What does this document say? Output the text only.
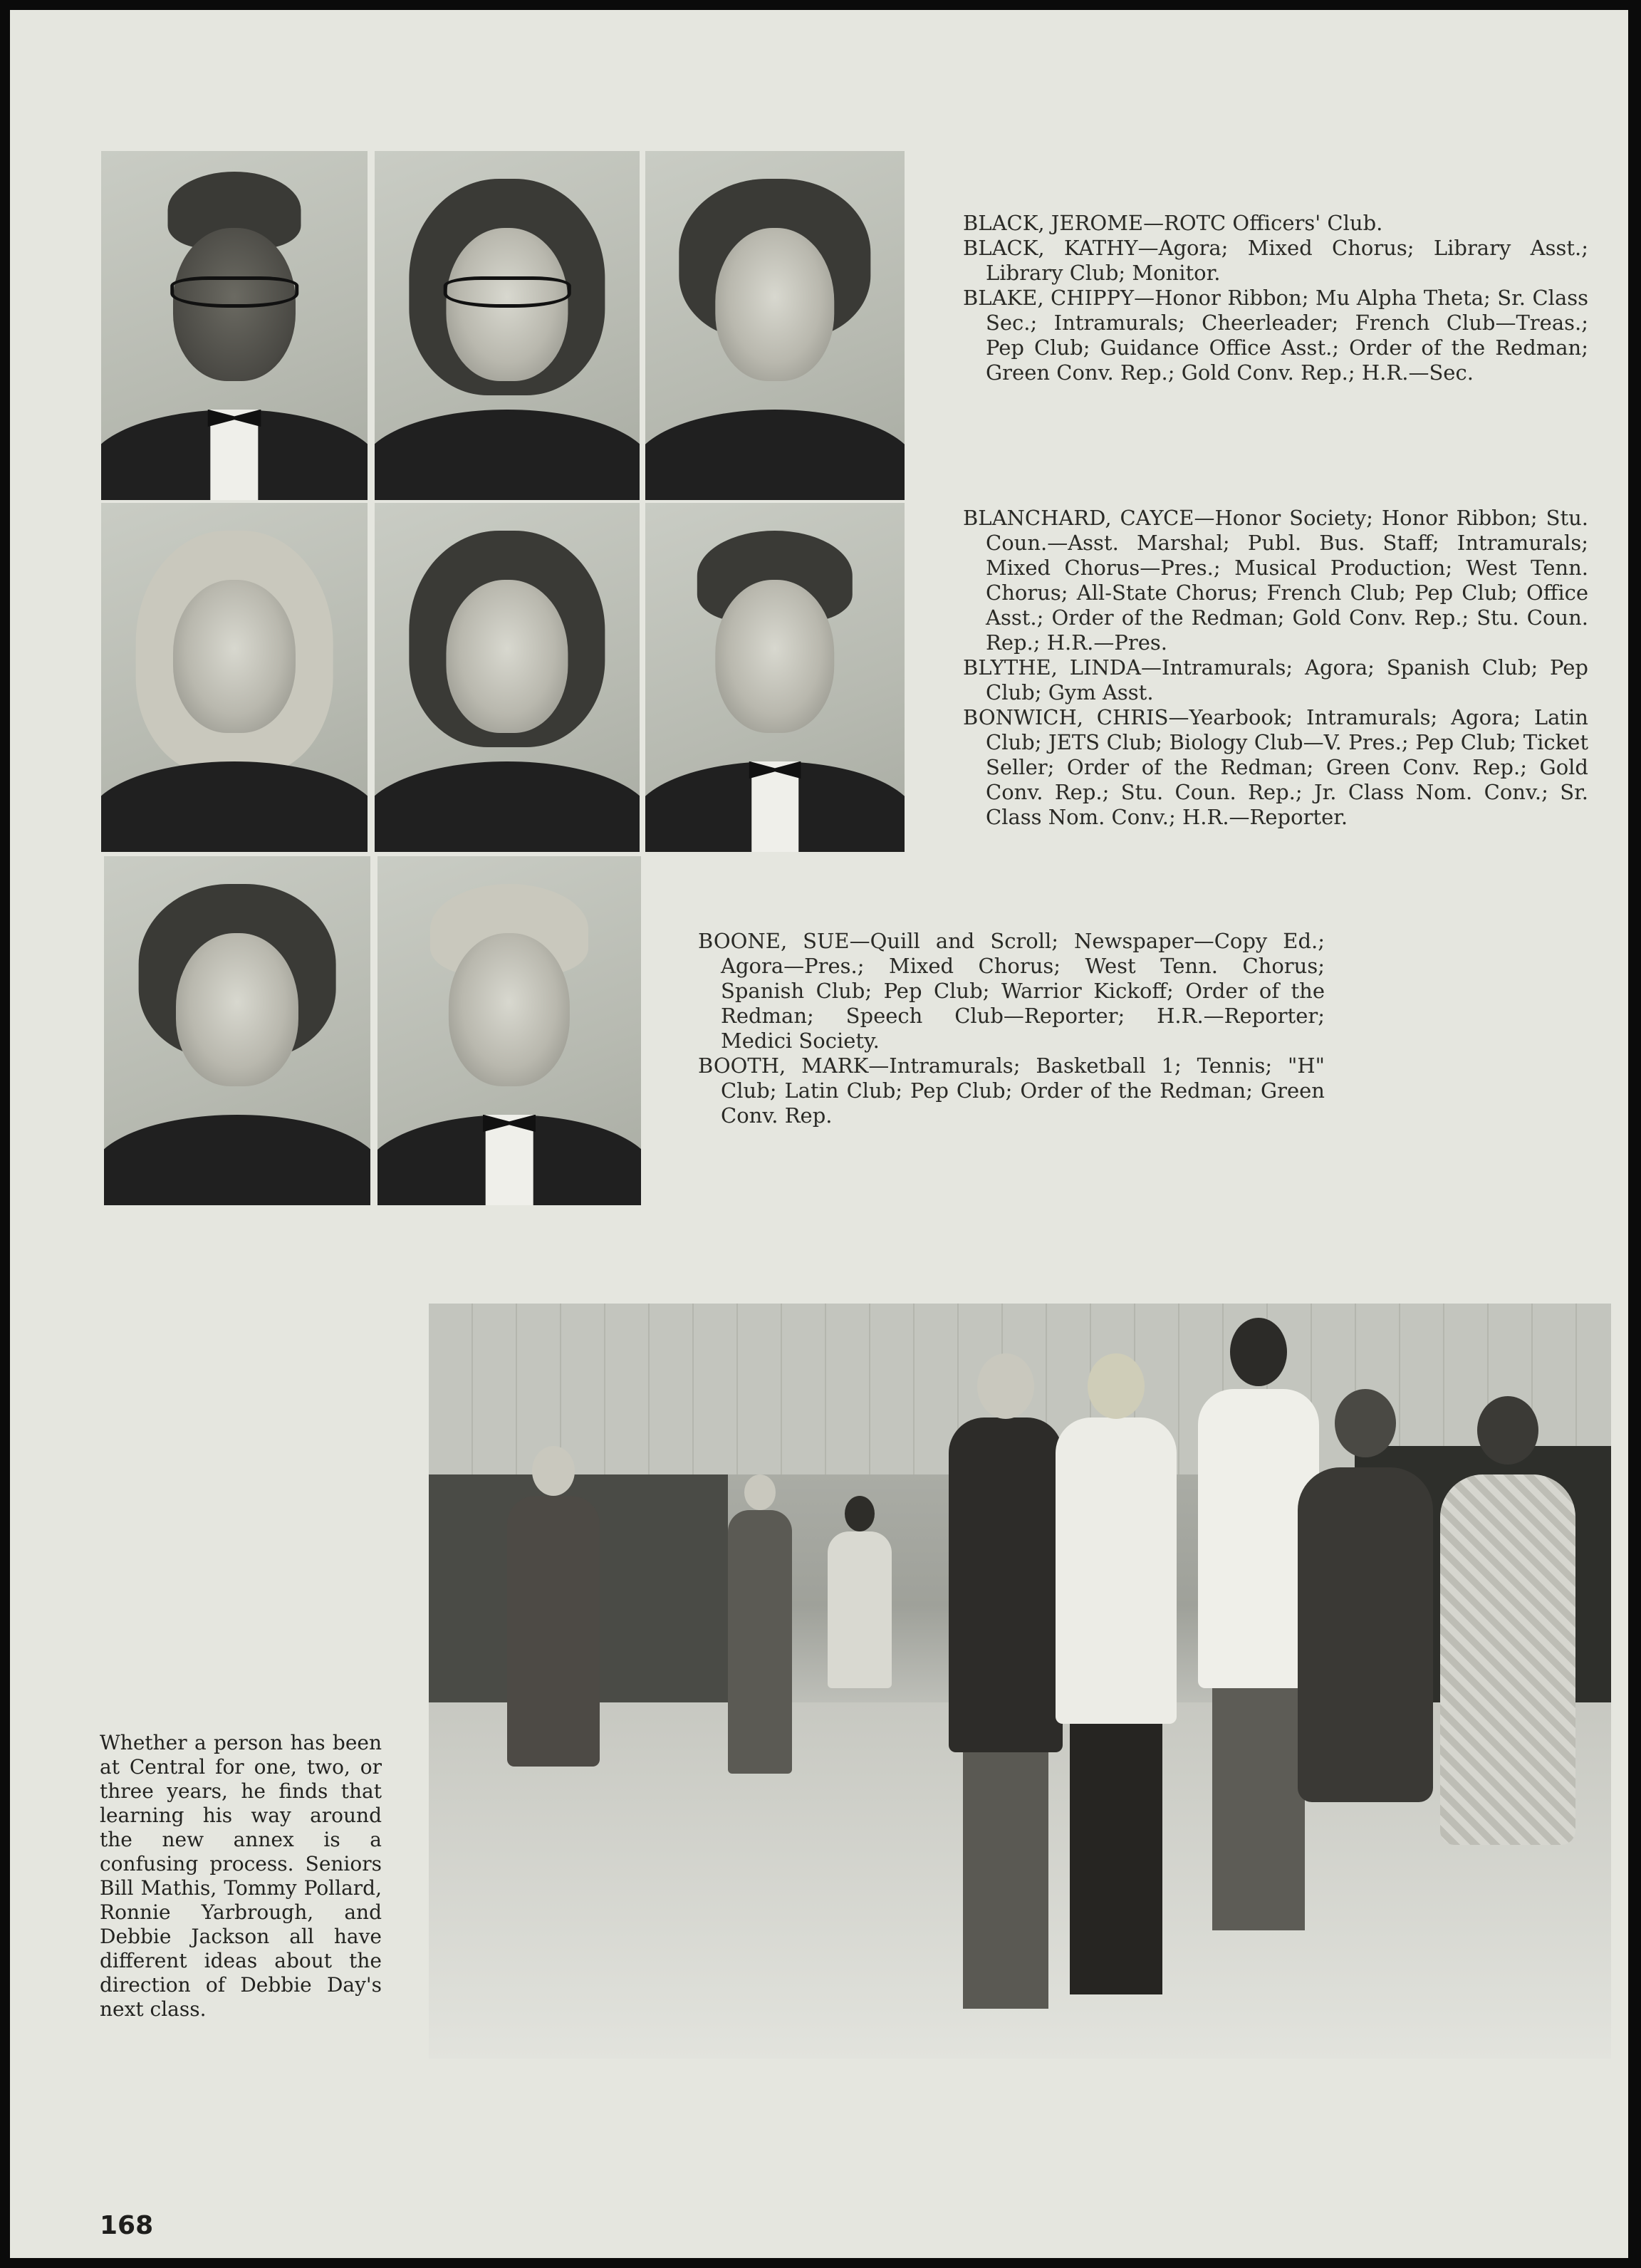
BLACK, JEROME—ROTC Officers' Club.

BLACK, KATHY—Agora; Mixed Chorus; Library Asst.; Library Club; Monitor.

BLAKE, CHIPPY—Honor Ribbon; Mu Alpha Theta; Sr. Class Sec.; Intramurals; Cheerleader; French Club—Treas.; Pep Club; Guidance Office Asst.; Order of the Redman; Green Conv. Rep.; Gold Conv. Rep.; H.R.—Sec.

BLANCHARD, CAYCE—Honor Society; Honor Ribbon; Stu. Coun.—Asst. Marshal; Publ. Bus. Staff; Intramurals; Mixed Chorus—Pres.; Musical Production; West Tenn. Chorus; All-State Chorus; French Club; Pep Club; Office Asst.; Order of the Redman; Gold Conv. Rep.; Stu. Coun. Rep.; H.R.—Pres.

BLYTHE, LINDA—Intramurals; Agora; Spanish Club; Pep Club; Gym Asst.

BONWICH, CHRIS—Yearbook; Intramurals; Agora; Latin Club; JETS Club; Biology Club—V. Pres.; Pep Club; Ticket Seller; Order of the Redman; Green Conv. Rep.; Gold Conv. Rep.; Stu. Coun. Rep.; Jr. Class Nom. Conv.; Sr. Class Nom. Conv.; H.R.—Reporter.

BOONE, SUE—Quill and Scroll; Newspaper—Copy Ed.; Agora—Pres.; Mixed Chorus; West Tenn. Chorus; Spanish Club; Pep Club; Warrior Kickoff; Order of the Redman; Speech Club—Reporter; H.R.—Reporter; Medici Society.

BOOTH, MARK—Intramurals; Basketball 1; Tennis; "H" Club; Latin Club; Pep Club; Order of the Redman; Green Conv. Rep.

Whether a person has been at Central for one, two, or three years, he finds that learning his way around the new annex is a confusing process. Seniors Bill Mathis, Tommy Pollard, Ronnie Yarbrough, and Debbie Jackson all have different ideas about the direction of Debbie Day's next class.

168
